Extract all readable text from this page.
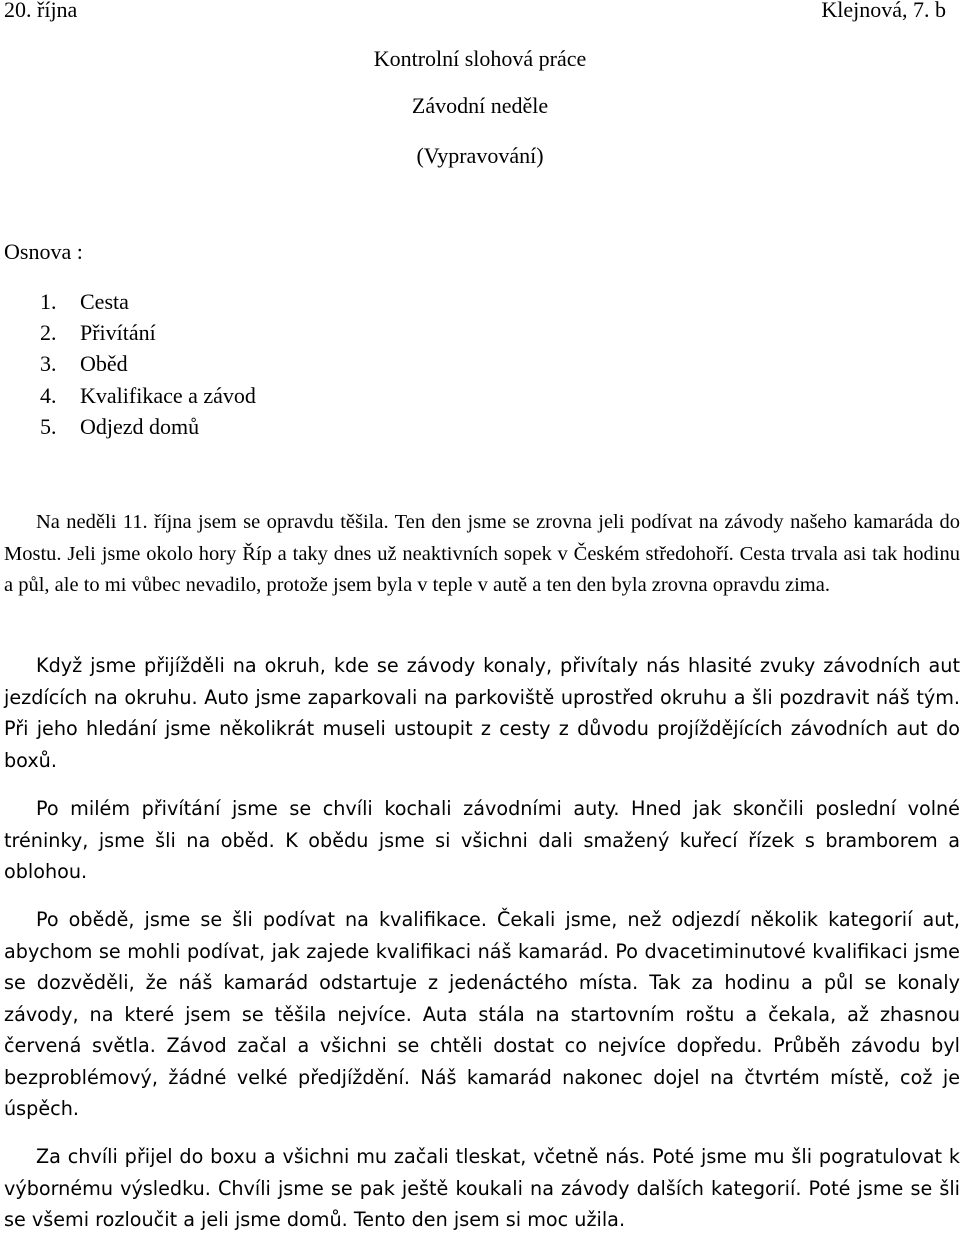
20. října	Klejnová, 7. b
Kontrolní slohová práce
Závodní neděle
(Vypravování)
Osnova :
1.	Cesta
2.	Přivítání
3.	Oběd
4.	Kvalifikace a závod
5.	Odjezd domů

Na neděli 11. října jsem se opravdu těšila. Ten den jsme se zrovna jeli podívat na závody našeho kamaráda do Mostu. Jeli jsme okolo hory Říp a taky dnes už neaktivních sopek v Českém středohoří. Cesta trvala asi tak hodinu a půl, ale to mi vůbec nevadilo, protože jsem byla v teple v autě a ten den byla zrovna opravdu zima.

Když jsme přijížděli na okruh, kde se závody konaly, přivítaly nás hlasité zvuky závodních aut jezdících na okruhu. Auto jsme zaparkovali na parkoviště uprostřed okruhu a šli pozdravit náš tým. Při jeho hledání jsme několikrát museli ustoupit z cesty z důvodu projíždějících závodních aut do boxů.

Po milém přivítání jsme se chvíli kochali závodními auty. Hned jak skončili poslední volné tréninky, jsme šli na oběd. K obědu jsme si všichni dali smažený kuřecí řízek s bramborem a oblohou.

Po obědě, jsme se šli podívat na kvalifikace. Čekali jsme, než odjezdí několik kategorií aut, abychom se mohli podívat, jak zajede kvalifikaci náš kamarád. Po dvacetiminutové kvalifikaci jsme se dozvěděli, že náš kamarád odstartuje z jedenáctého místa. Tak za hodinu a půl se konaly závody, na které jsem se těšila nejvíce. Auta stála na startovním roštu a čekala, až zhasnou červená světla. Závod začal a všichni se chtěli dostat co nejvíce dopředu. Průběh závodu byl bezproblémový, žádné velké předjíždění. Náš kamarád nakonec dojel na čtvrtém místě, což je úspěch.

Za chvíli přijel do boxu a všichni mu začali tleskat, včetně nás. Poté jsme mu šli pogratulovat k výbornému výsledku. Chvíli jsme se pak ještě koukali na závody dalších kategorií. Poté jsme se šli se všemi rozloučit a jeli jsme domů. Tento den jsem si moc užila.
